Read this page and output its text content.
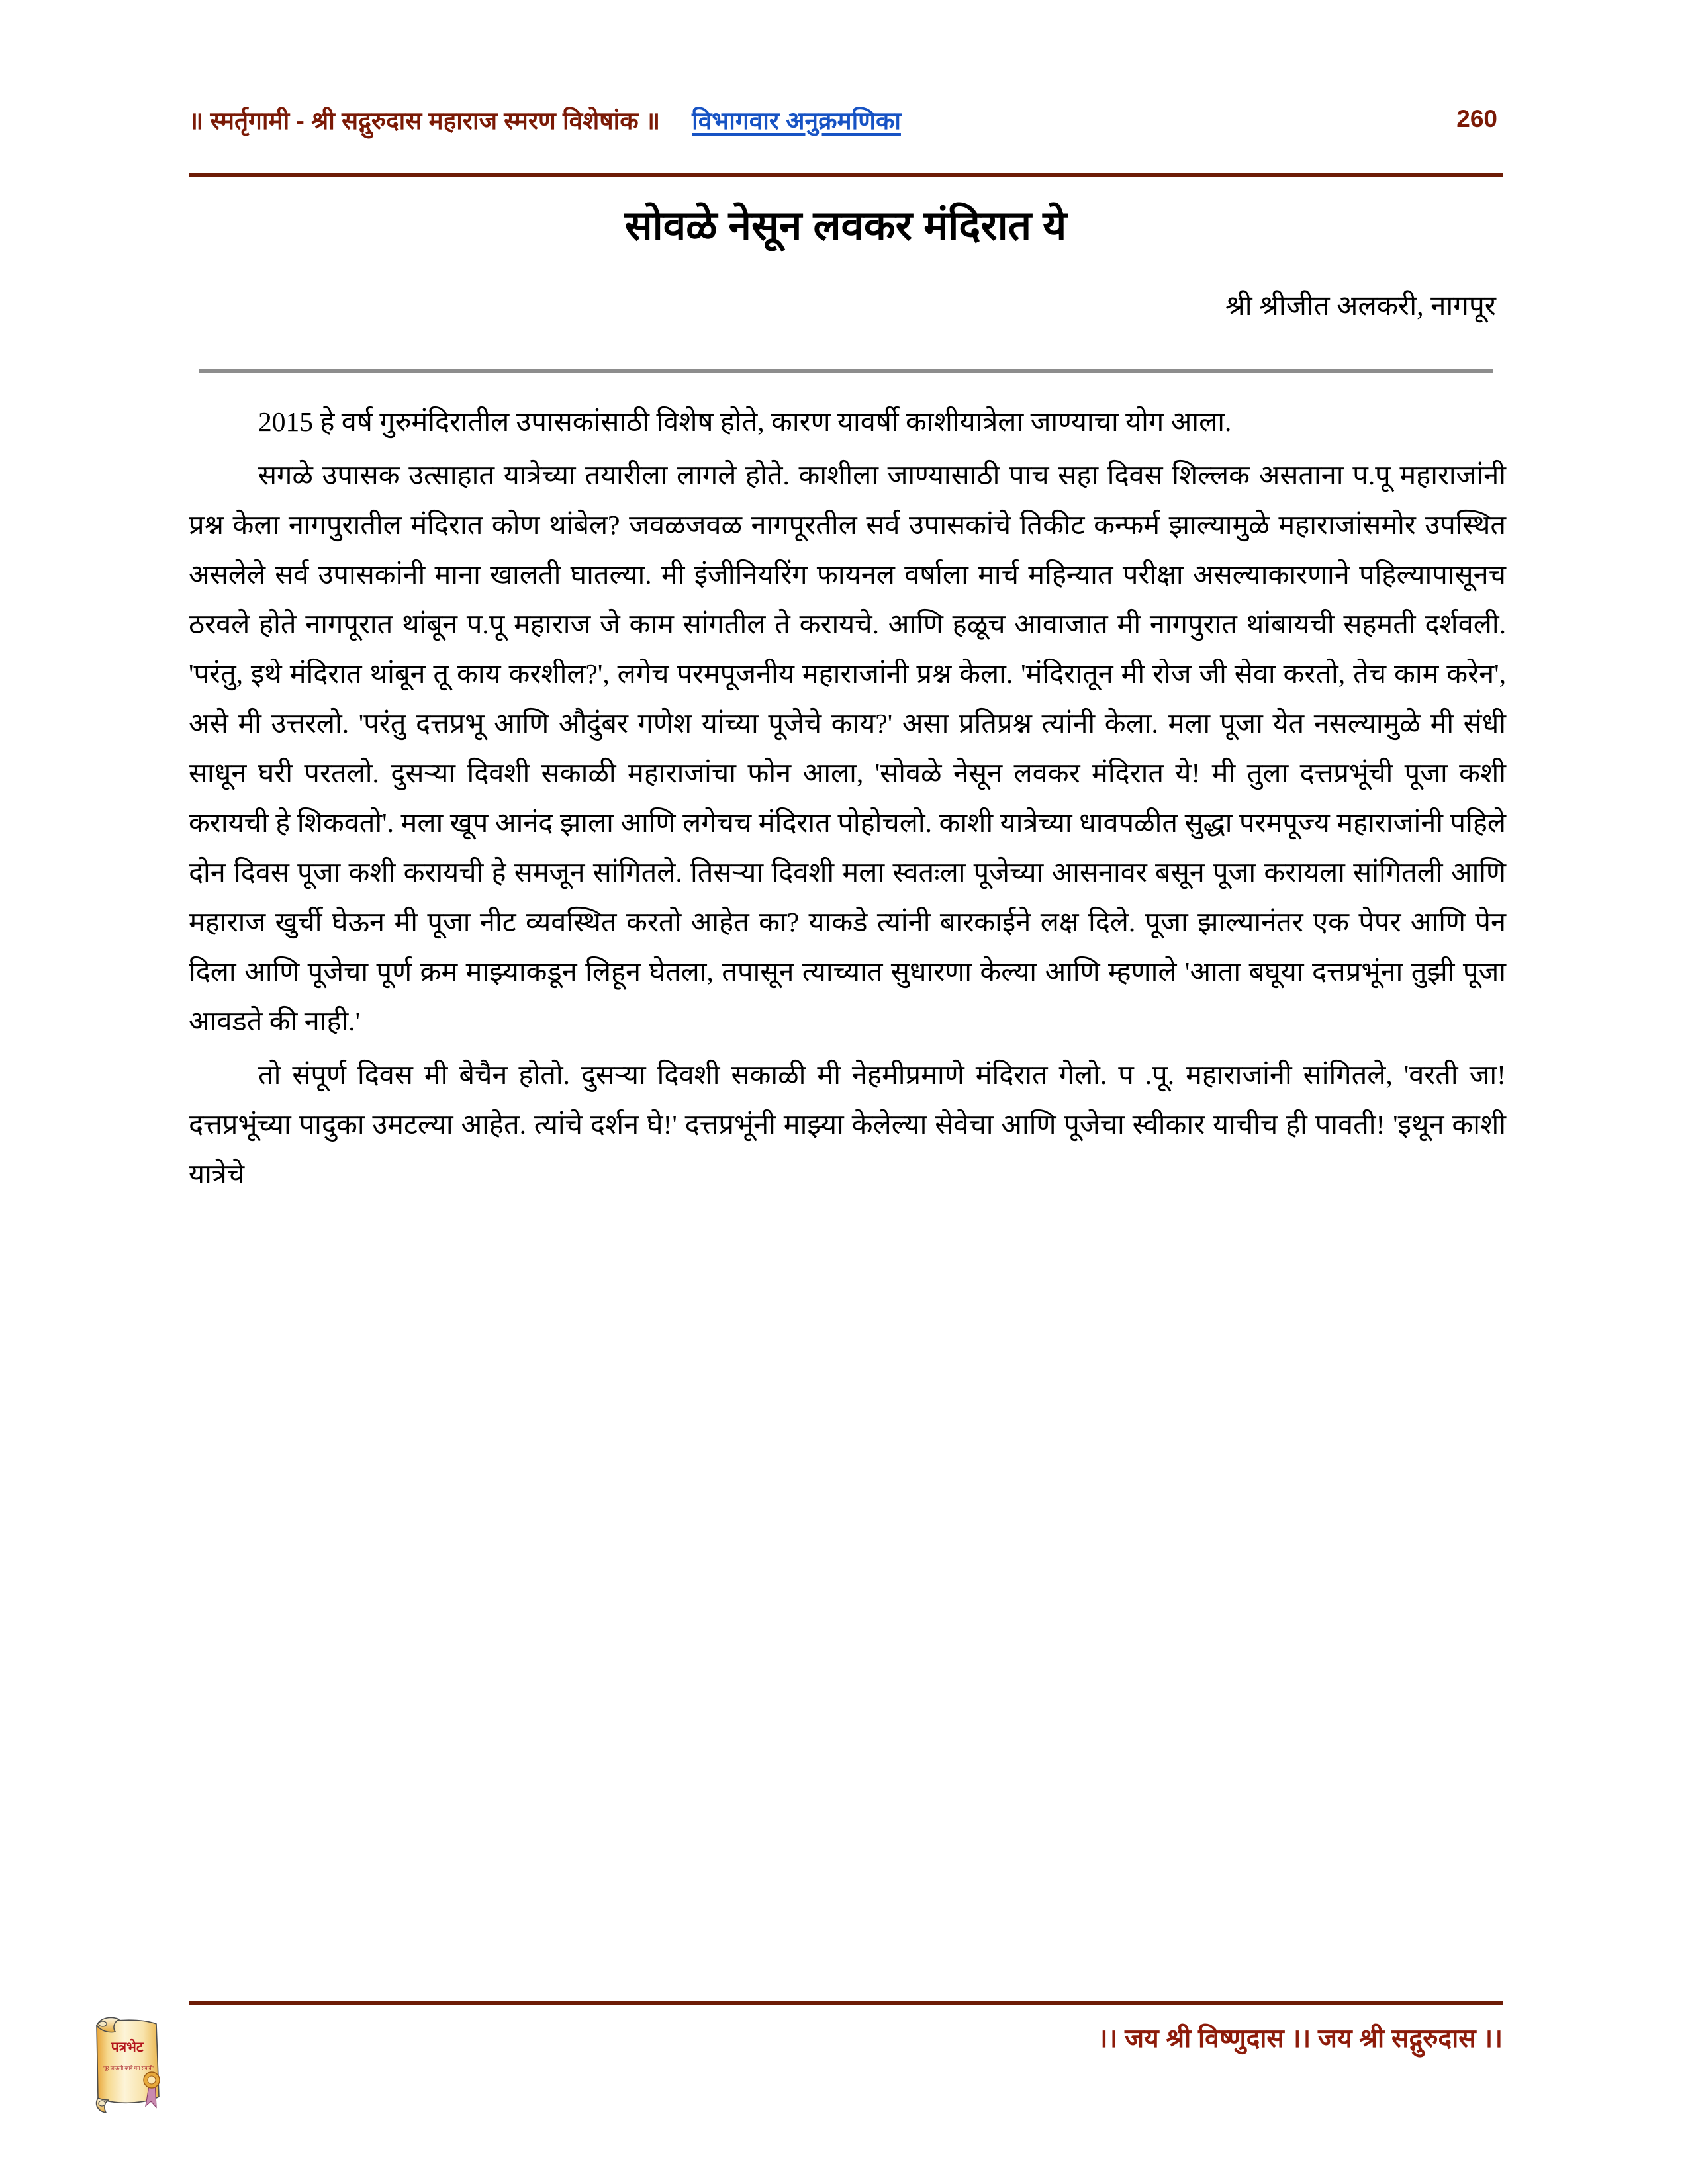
॥ स्मर्तृगामी - श्री सद्गुरुदास महाराज स्मरण विशेषांक ॥ विभागवार अनुक्रमणिका	260
सोवळे नेसून लवकर मंदिरात ये
श्री श्रीजीत अलकरी, नागपूर

2015 हे वर्ष गुरुमंदिरातील उपासकांसाठी विशेष होते, कारण यावर्षी काशीयात्रेला जाण्याचा योग आला.

सगळे उपासक उत्साहात यात्रेच्या तयारीला लागले होते. काशीला जाण्यासाठी पाच सहा दिवस शिल्लक असताना प.पू महाराजांनी प्रश्न केला नागपुरातील मंदिरात कोण थांबेल? जवळजवळ नागपूरतील सर्व उपासकांचे तिकीट कन्फर्म झाल्यामुळे महाराजांसमोर उपस्थित असलेले सर्व उपासकांनी माना खालती घातल्या. मी इंजीनियरिंग फायनल वर्षाला मार्च महिन्यात परीक्षा असल्याकारणाने पहिल्यापासूनच ठरवले होते नागपूरात थांबून प.पू महाराज जे काम सांगतील ते करायचे. आणि हळूच आवाजात मी नागपुरात थांबायची सहमती दर्शवली. 'परंतु, इथे मंदिरात थांबून तू काय करशील?', लगेच परमपूजनीय महाराजांनी प्रश्न केला. 'मंदिरातून मी रोज जी सेवा करतो, तेच काम करेन', असे मी उत्तरलो. 'परंतु दत्तप्रभू आणि औदुंबर गणेश यांच्या पूजेचे काय?' असा प्रतिप्रश्न त्यांनी केला. मला पूजा येत नसल्यामुळे मी संधी साधून घरी परतलो. दुसऱ्या दिवशी सकाळी महाराजांचा फोन आला, 'सोवळे नेसून लवकर मंदिरात ये! मी तुला दत्तप्रभूंची पूजा कशी करायची हे शिकवतो'. मला खूप आनंद झाला आणि लगेचच मंदिरात पोहोचलो. काशी यात्रेच्या धावपळीत सुद्धा परमपूज्य महाराजांनी पहिले दोन दिवस पूजा कशी करायची हे समजून सांगितले. तिसऱ्या दिवशी मला स्वतःला पूजेच्या आसनावर बसून पूजा करायला सांगितली आणि महाराज खुर्ची घेऊन मी पूजा नीट व्यवस्थित करतो आहेत का? याकडे त्यांनी बारकाईने लक्ष दिले. पूजा झाल्यानंतर एक पेपर आणि पेन दिला आणि पूजेचा पूर्ण क्रम माझ्याकडून लिहून घेतला, तपासून त्याच्यात सुधारणा केल्या आणि म्हणाले 'आता बघूया दत्तप्रभूंना तुझी पूजा आवडते की नाही.'

तो संपूर्ण दिवस मी बेचैन होतो. दुसऱ्या दिवशी सकाळी मी नेहमीप्रमाणे मंदिरात गेलो. प .पू. महाराजांनी सांगितले, 'वरती जा! दत्तप्रभूंच्या पादुका उमटल्या आहेत. त्यांचे दर्शन घे!' दत्तप्रभूंनी माझ्या केलेल्या सेवेचा आणि पूजेचा स्वीकार याचीच ही पावती! 'इथून काशी यात्रेचे

।। जय श्री विष्णुदास ।। जय श्री सद्गुरुदास ।।
पत्रभेट
"दूर जाऊनी व्हावे मन संवादी"
